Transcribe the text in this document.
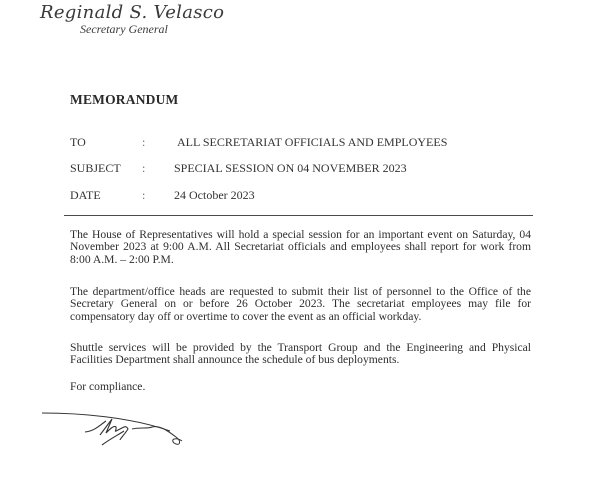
Reginald S. Velasco
Secretary General
MEMORANDUM
TO	:	ALL SECRETARIAT OFFICIALS AND EMPLOYEES
SUBJECT : SPECIAL SESSION ON 04 NOVEMBER 2023
DATE	: 24 October 2023
The House of Representatives will hold a special session for an important event on Saturday, 04 November 2023 at 9:00 A.M. All Secretariat officials and employees shall report for work from 8:00 A.M. – 2:00 P.M.
The department/office heads are requested to submit their list of personnel to the Office of the Secretary General on or before 26 October 2023. The secretariat employees may file for compensatory day off or overtime to cover the event as an official workday.
Shuttle services will be provided by the Transport Group and the Engineering and Physical Facilities Department shall announce the schedule of bus deployments.
For compliance.
